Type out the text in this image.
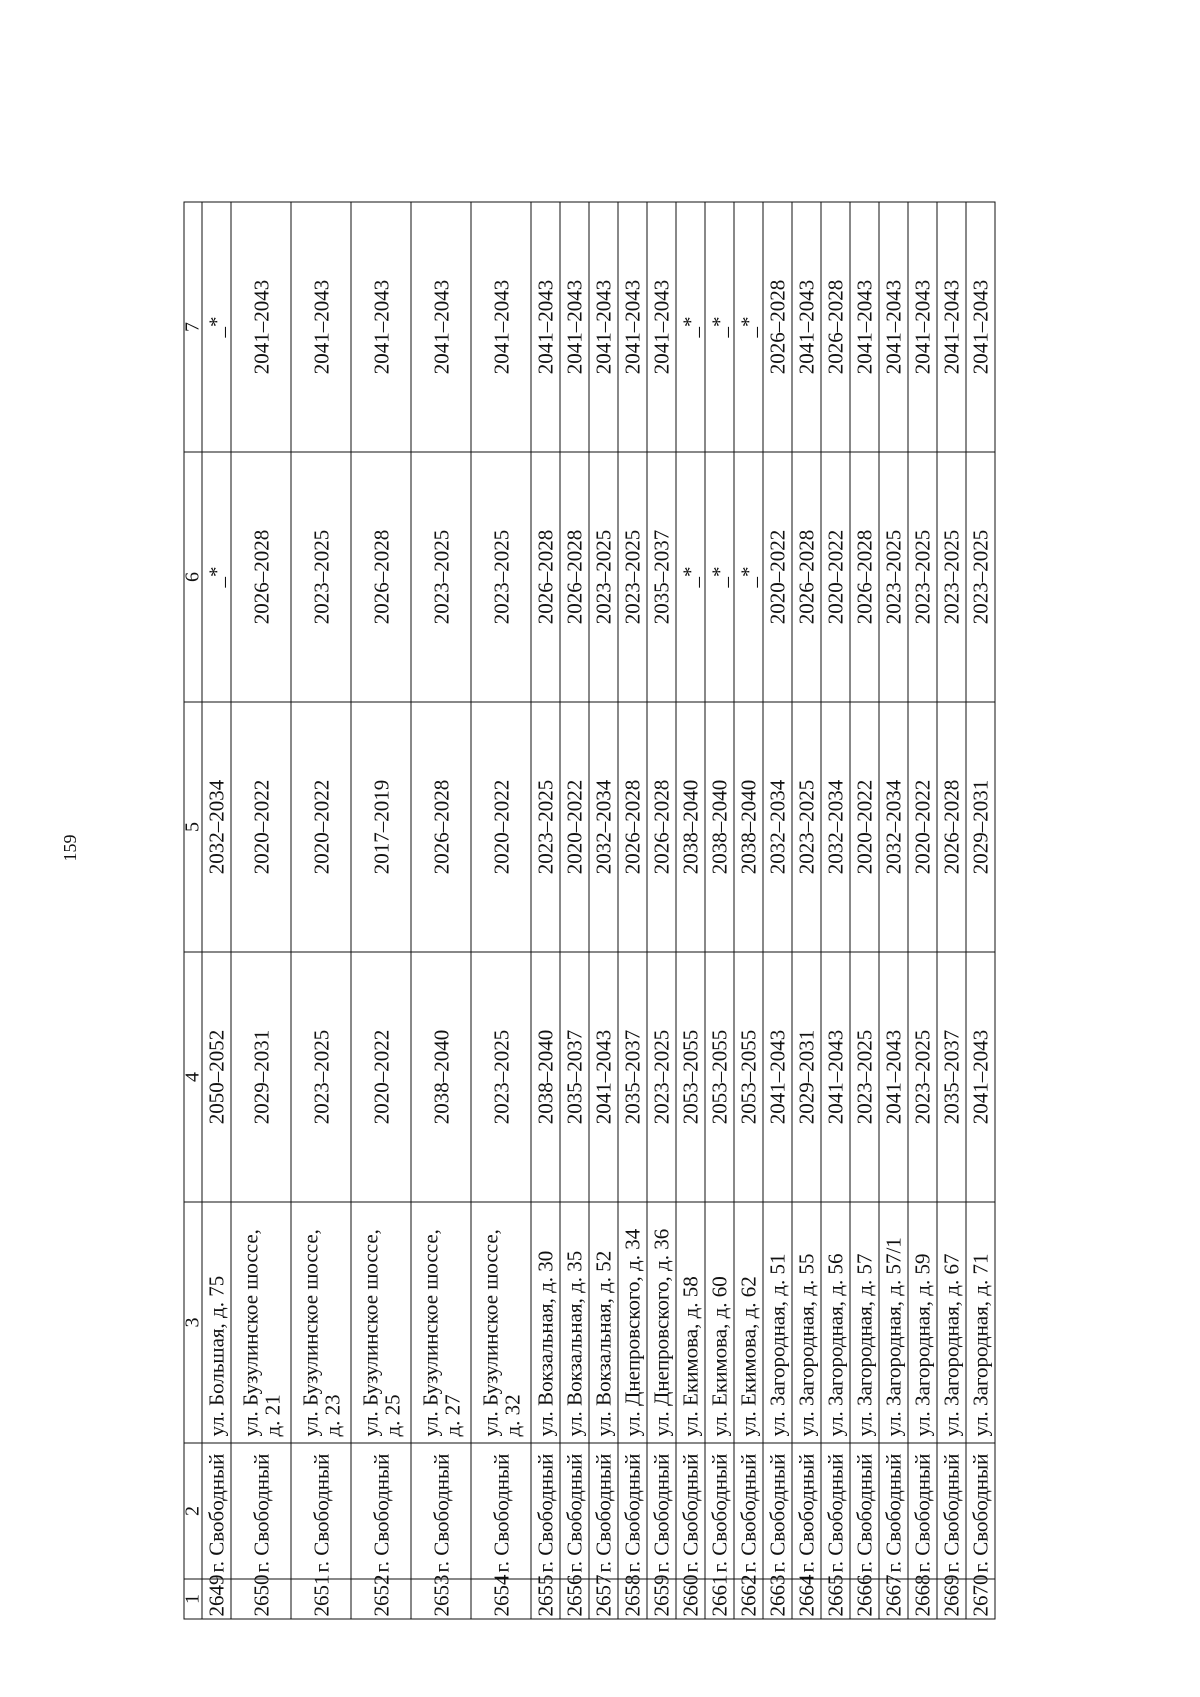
159
1	2	3	4	5	6	7
2649	г. Свободный	ул. Большая, д. 75	2050–2052	2032–2034	_*	_*
2650	г. Свободный	ул. Бузулинское шоссе, д. 21	2029–2031	2020–2022	2026–2028	2041–2043
2651	г. Свободный	ул. Бузулинское шоссе, д. 23	2023–2025	2020–2022	2023–2025	2041–2043
2652	г. Свободный	ул. Бузулинское шоссе, д. 25	2020–2022	2017–2019	2026–2028	2041–2043
2653	г. Свободный	ул. Бузулинское шоссе, д. 27	2038–2040	2026–2028	2023–2025	2041–2043
2654	г. Свободный	ул. Бузулинское шоссе, д. 32	2023–2025	2020–2022	2023–2025	2041–2043
2655	г. Свободный	ул. Вокзальная, д. 30	2038–2040	2023–2025	2026–2028	2041–2043
2656	г. Свободный	ул. Вокзальная, д. 35	2035–2037	2020–2022	2026–2028	2041–2043
2657	г. Свободный	ул. Вокзальная, д. 52	2041–2043	2032–2034	2023–2025	2041–2043
2658	г. Свободный	ул. Днепровского, д. 34	2035–2037	2026–2028	2023–2025	2041–2043
2659	г. Свободный	ул. Днепровского, д. 36	2023–2025	2026–2028	2035–2037	2041–2043
2660	г. Свободный	ул. Екимова, д. 58	2053–2055	2038–2040	_*	_*
2661	г. Свободный	ул. Екимова, д. 60	2053–2055	2038–2040	_*	_*
2662	г. Свободный	ул. Екимова, д. 62	2053–2055	2038–2040	_*	_*
2663	г. Свободный	ул. Загородная, д. 51	2041–2043	2032–2034	2020–2022	2026–2028
2664	г. Свободный	ул. Загородная, д. 55	2029–2031	2023–2025	2026–2028	2041–2043
2665	г. Свободный	ул. Загородная, д. 56	2041–2043	2032–2034	2020–2022	2026–2028
2666	г. Свободный	ул. Загородная, д. 57	2023–2025	2020–2022	2026–2028	2041–2043
2667	г. Свободный	ул. Загородная, д. 57/1	2041–2043	2032–2034	2023–2025	2041–2043
2668	г. Свободный	ул. Загородная, д. 59	2023–2025	2020–2022	2023–2025	2041–2043
2669	г. Свободный	ул. Загородная, д. 67	2035–2037	2026–2028	2023–2025	2041–2043
2670	г. Свободный	ул. Загородная, д. 71	2041–2043	2029–2031	2023–2025	2041–2043
